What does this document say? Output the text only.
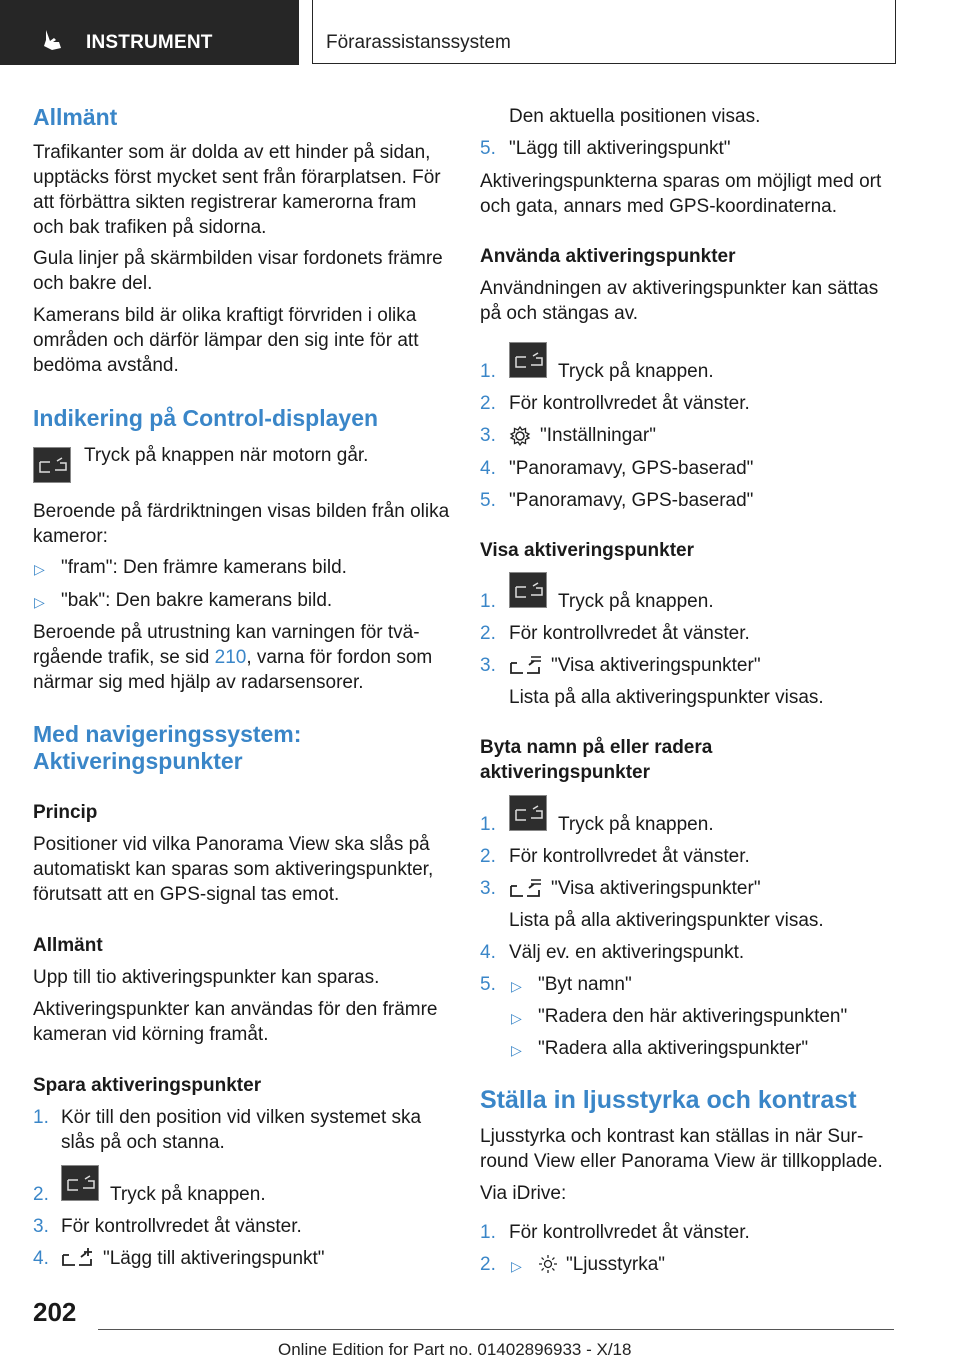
INSTRUMENT	Förarassistanssystem
Allmänt
Trafikanter som är dolda av ett hinder på sidan,
upptäcks först mycket sent från förarplatsen. För
att förbättra sikten registrerar kamerorna fram
och bak trafiken på sidorna.
Gula linjer på skärmbilden visar fordonets främre
och bakre del.
Kamerans bild är olika kraftigt förvriden i olika
områden och därför lämpar den sig inte för att
bedöma avstånd.
Indikering på Control-displayen
Tryck på knappen när motorn går.
Beroende på färdriktningen visas bilden från olika
kameror:
▷ "fram": Den främre kamerans bild.
▷ "bak": Den bakre kamerans bild.
Beroende på utrustning kan varningen för tvä-
rgående trafik, se sid 210, varna för fordon som
närmar sig med hjälp av radarsensorer.
Med navigeringssystem:
Aktiveringspunkter
Princip
Positioner vid vilka Panorama View ska slås på
automatiskt kan sparas som aktiveringspunkter,
förutsatt att en GPS-signal tas emot.
Allmänt
Upp till tio aktiveringspunkter kan sparas.
Aktiveringspunkter kan användas för den främre
kameran vid körning framåt.
Spara aktiveringspunkter
1. Kör till den position vid vilken systemet ska
slås på och stanna.
2.	Tryck på knappen.
3. För kontrollvredet åt vänster.
4.	"Lägg till aktiveringspunkt"
Den aktuella positionen visas.
5. "Lägg till aktiveringspunkt"
Aktiveringspunkterna sparas om möjligt med ort
och gata, annars med GPS-koordinaterna.
Använda aktiveringspunkter
Användningen av aktiveringspunkter kan sättas
på och stängas av.
1.	Tryck på knappen.
2. För kontrollvredet åt vänster.
3. "Inställningar"
4. "Panoramavy, GPS-baserad"
5. "Panoramavy, GPS-baserad"
Visa aktiveringspunkter
1.	Tryck på knappen.
2. För kontrollvredet åt vänster.
3.	"Visa aktiveringspunkter"
Lista på alla aktiveringspunkter visas.
Byta namn på eller radera
aktiveringspunkter
1.	Tryck på knappen.
2. För kontrollvredet åt vänster.
3.	"Visa aktiveringspunkter"
Lista på alla aktiveringspunkter visas.
4. Välj ev. en aktiveringspunkt.
5. ▷ "Byt namn"
▷ "Radera den här aktiveringspunkten"
▷ "Radera alla aktiveringspunkter"
Ställa in ljusstyrka och kontrast
Ljusstyrka och kontrast kan ställas in när Sur-
round View eller Panorama View är tillkopplade.
Via iDrive:
1. För kontrollvredet åt vänster.
2. ▷ "Ljusstyrka"
202
Online Edition for Part no. 01402896933 - X/18
